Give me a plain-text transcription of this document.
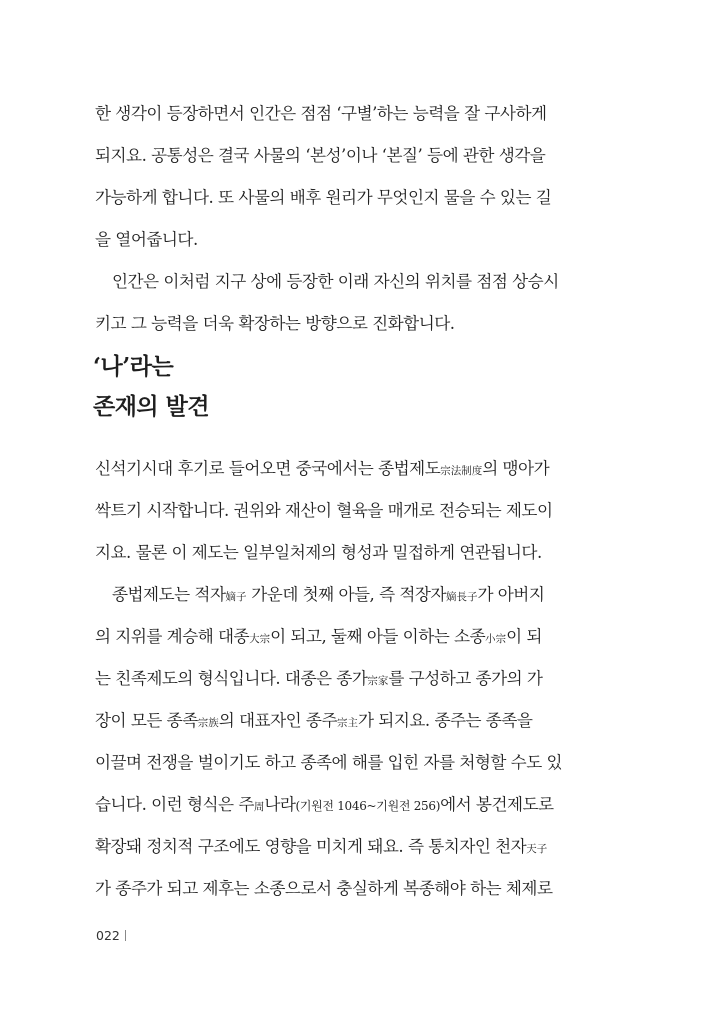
한 생각이 등장하면서 인간은 점점 ‘구별’하는 능력을 잘 구사하게
되지요. 공통성은 결국 사물의 ‘본성’이나 ‘본질’ 등에 관한 생각을
가능하게 합니다. 또 사물의 배후 원리가 무엇인지 물을 수 있는 길
을 열어줍니다.
인간은 이처럼 지구 상에 등장한 이래 자신의 위치를 점점 상승시
키고 그 능력을 더욱 확장하는 방향으로 진화합니다.
‘나’라는
존재의 발견
신석기시대 후기로 들어오면 중국에서는 종법제도宗法制度의 맹아가
싹트기 시작합니다. 권위와 재산이 혈육을 매개로 전승되는 제도이
지요. 물론 이 제도는 일부일처제의 형성과 밀접하게 연관됩니다.
종법제도는 적자嫡子 가운데 첫째 아들, 즉 적장자嫡長子가 아버지
의 지위를 계승해 대종大宗이 되고, 둘째 아들 이하는 소종小宗이 되
는 친족제도의 형식입니다. 대종은 종가宗家를 구성하고 종가의 가
장이 모든 종족宗族의 대표자인 종주宗主가 되지요. 종주는 종족을
이끌며 전쟁을 벌이기도 하고 종족에 해를 입힌 자를 처형할 수도 있
습니다. 이런 형식은 주周나라(기원전 1046~기원전 256)에서 봉건제도로
확장돼 정치적 구조에도 영향을 미치게 돼요. 즉 통치자인 천자天子
가 종주가 되고 제후는 소종으로서 충실하게 복종해야 하는 체제로
022
